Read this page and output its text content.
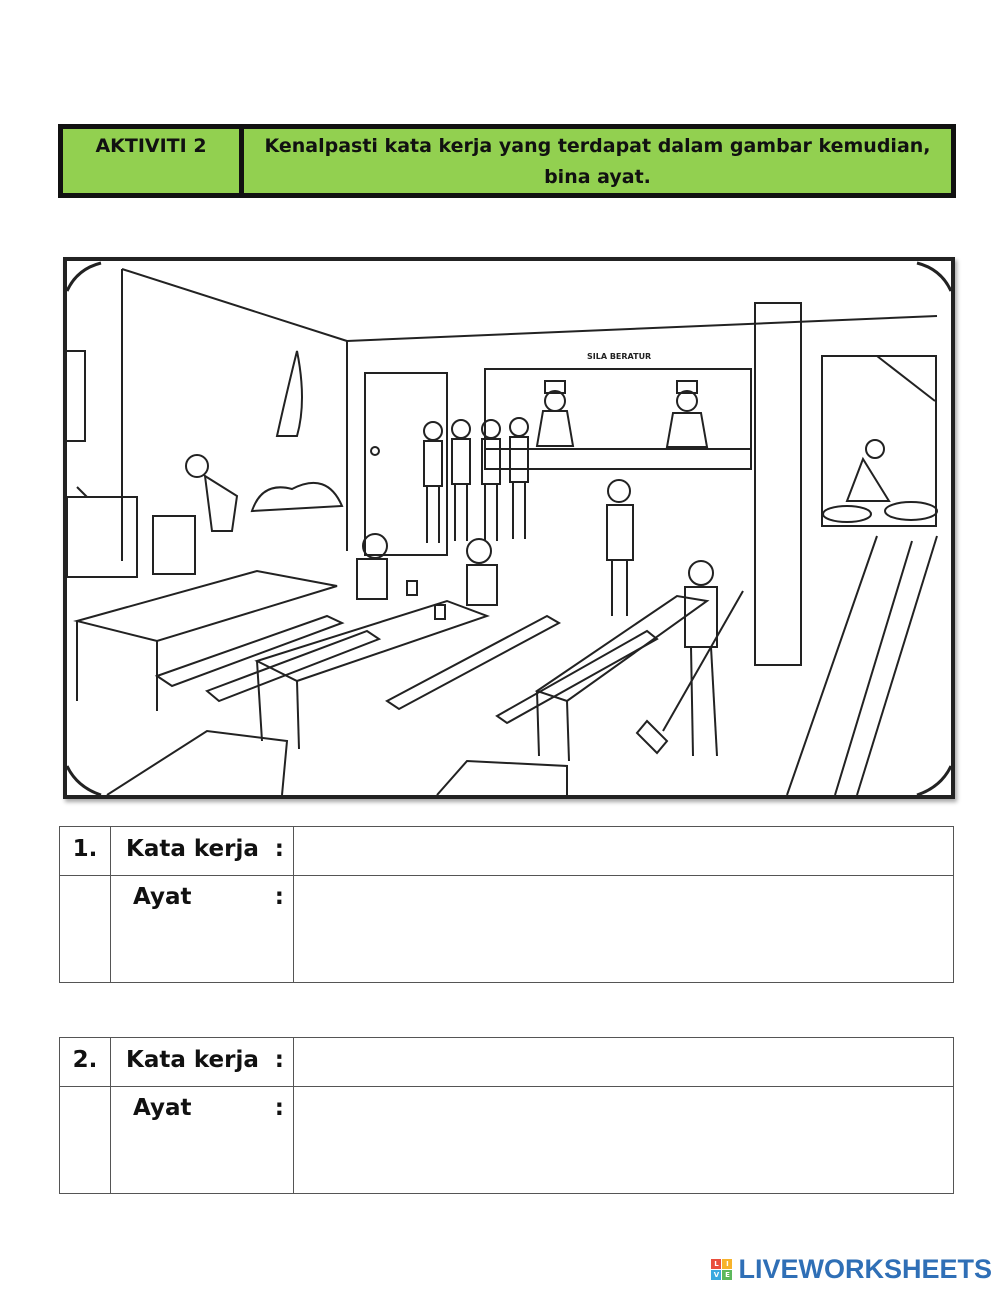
AKTIVITI 2	Kenalpasti kata kerja yang terdapat dalam gambar kemudian, bina ayat.
SILA BERATUR
1.	Kata kerja :	

	Ayat :	

2.	Kata kerja :	

	Ayat :	

L	I
V E LIVEWORKSHEETS
